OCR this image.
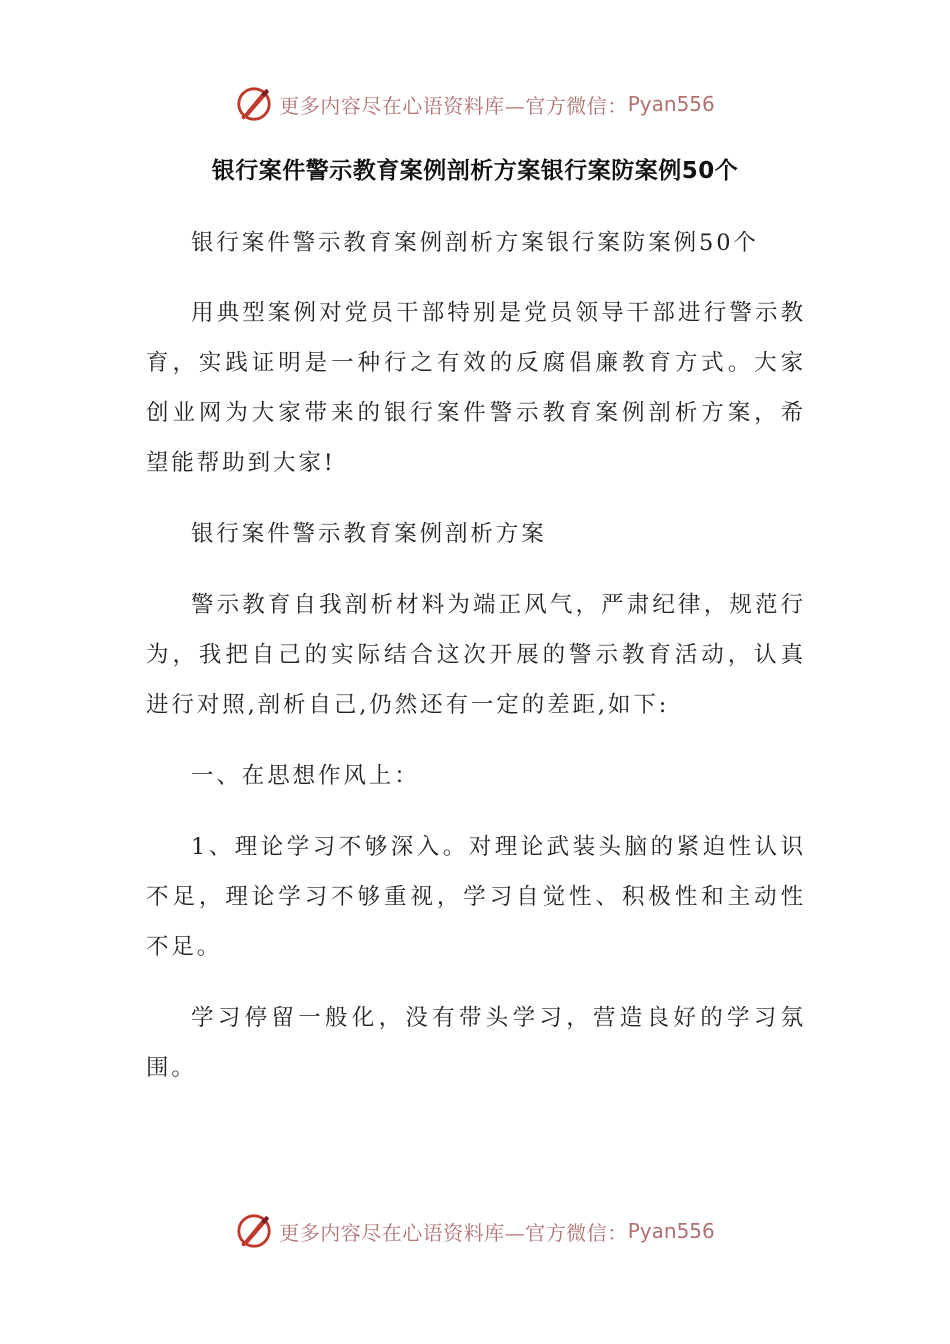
更多内容尽在心语资料库—官方微信： Pyan556
银行案件警示教育案例剖析方案银行案防案例50个

银行案件警示教育案例剖析方案银行案防案例50个

用典型案例对党员干部特别是党员领导干部进行警示教育，实践证明是一种行之有效的反腐倡廉教育方式。大家创业网为大家带来的银行案件警示教育案例剖析方案，希望能帮助到大家!

银行案件警示教育案例剖析方案

警示教育自我剖析材料为端正风气，严肃纪律，规范行为，我把自己的实际结合这次开展的警示教育活动，认真进行对照,剖析自己,仍然还有一定的差距,如下:

一、在思想作风上：

1、理论学习不够深入。对理论武装头脑的紧迫性认识不足，理论学习不够重视，学习自觉性、积极性和主动性不足。

学习停留一般化，没有带头学习，营造良好的学习氛围。

更多内容尽在心语资料库—官方微信： Pyan556
